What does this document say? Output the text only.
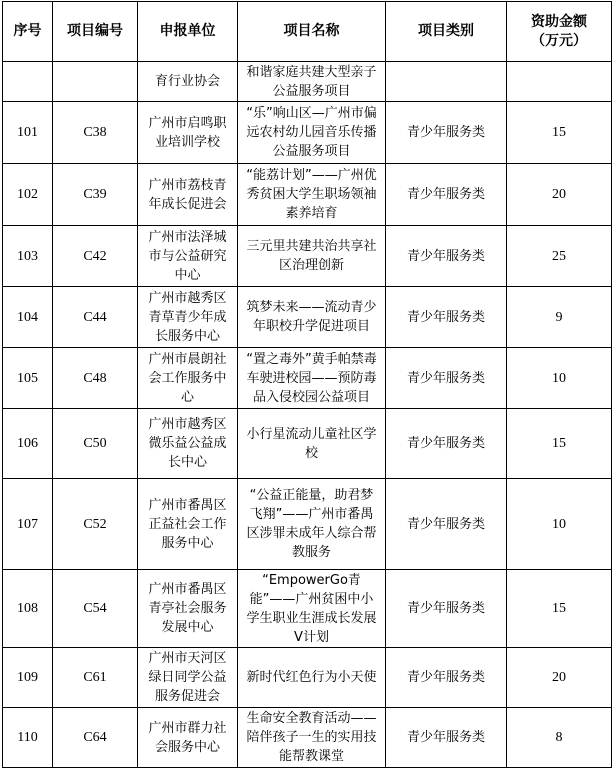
序号	项目编号	申报单位	项目名称	项目类别	资助金额
（万元）

		育行业协会	和谐家庭共建大型亲子公益服务项目		
101	C38	广州市启鸣职业培训学校	“乐”响山区—广州市偏远农村幼儿园音乐传播公益服务项目	青少年服务类	15
102	C39	广州市荔枝青年成长促进会	“能荔计划”——广州优秀贫困大学生职场领袖素养培育	青少年服务类	20
103	C42	广州市法泽城市与公益研究中心	三元里共建共治共享社区治理创新	青少年服务类	25
104	C44	广州市越秀区青草青少年成长服务中心	筑梦未来——流动青少年职校升学促进项目	青少年服务类	9
105	C48	广州市晨朗社会工作服务中心	“置之毒外”黄手帕禁毒车驶进校园——预防毒品入侵校园公益项目	青少年服务类	10
106	C50	广州市越秀区微乐益公益成长中心	小行星流动儿童社区学校	青少年服务类	15
107	C52	广州市番禺区正益社会工作服务中心	“公益正能量，助君梦飞翔”——广州市番禺区涉罪未成年人综合帮教服务	青少年服务类	10
108	C54	广州市番禺区青亭社会服务发展中心	“EmpowerGo青能”——广州贫困中小学生职业生涯成长发展V计划	青少年服务类	15
109	C61	广州市天河区绿日同学公益服务促进会	新时代红色行为小天使	青少年服务类	20
110	C64	广州市群力社会服务中心	生命安全教育活动——陪伴孩子一生的实用技能帮教课堂	青少年服务类	8
